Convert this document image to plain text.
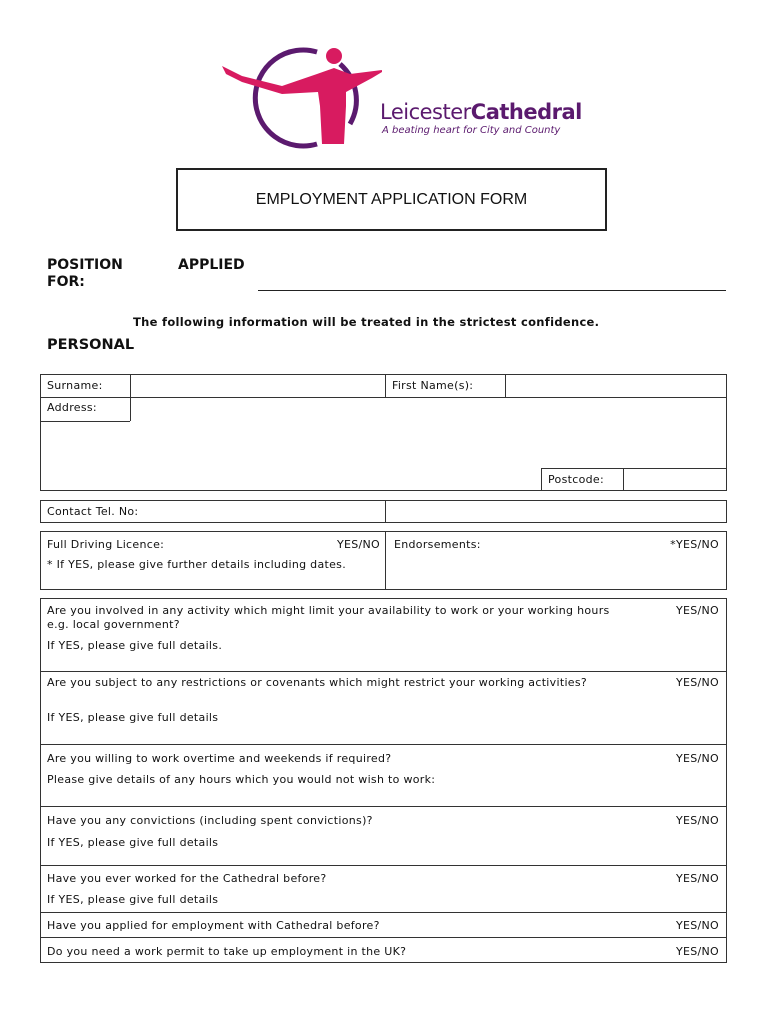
LeicesterCathedral
A beating heart for City and County
EMPLOYMENT APPLICATION FORM
POSITION FOR:
APPLIED
The following information will be treated in the strictest confidence.
PERSONAL
Surname:	First Name(s):
Address:
Postcode:
Contact Tel. No:
Full Driving Licence:	YES/NO
* If YES, please give further details including dates.
Endorsements:	*YES/NO
Are you involved in any activity which might limit your availability to work or your working hours e.g. local government?
YES/NO
If YES, please give full details.
Are you subject to any restrictions or covenants which might restrict your working activities?	YES/NO
If YES, please give full details
Are you willing to work overtime and weekends if required?	YES/NO
Please give details of any hours which you would not wish to work:
Have you any convictions (including spent convictions)?	YES/NO
If YES, please give full details
Have you ever worked for the Cathedral before?	YES/NO
If YES, please give full details
Have you applied for employment with Cathedral before?	YES/NO
Do you need a work permit to take up employment in the UK?	YES/NO
